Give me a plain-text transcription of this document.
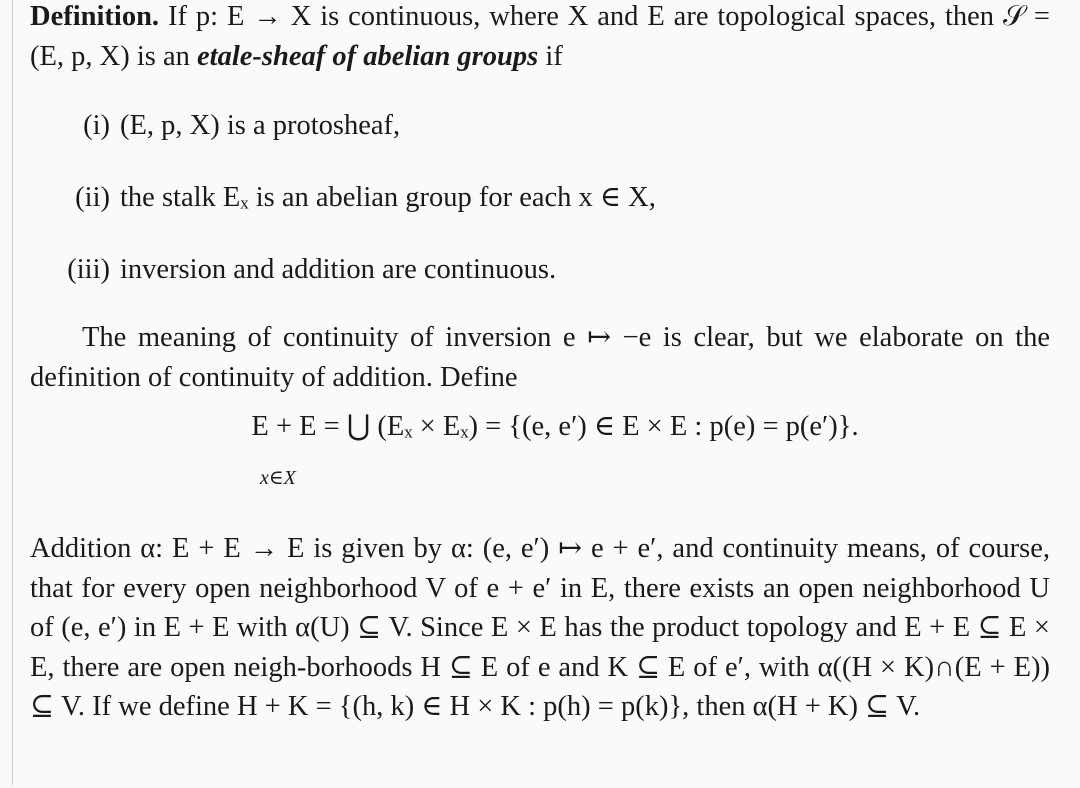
Definition. If p: E → X is continuous, where X and E are topological spaces, then 𝒮 = (E, p, X) is an etale-sheaf of abelian groups if

(i) (E, p, X) is a protosheaf,
(ii) the stalk Eₓ is an abelian group for each x ∈ X,
(iii) inversion and addition are continuous.

The meaning of continuity of inversion e ↦ −e is clear, but we elaborate on the definition of continuity of addition. Define

E + E = ⋃ (Eₓ × Eₓ) = {(e, e′) ∈ E × E : p(e) = p(e′)}.
x∈X

Addition α: E + E → E is given by α: (e, e′) ↦ e + e′, and continuity means, of course, that for every open neighborhood V of e + e′ in E, there exists an open neighborhood U of (e, e′) in E + E with α(U) ⊆ V. Since E × E has the product topology and E + E ⊆ E × E, there are open neigh-borhoods H ⊆ E of e and K ⊆ E of e′, with α((H × K)∩(E + E)) ⊆ V. If we define H + K = {(h, k) ∈ H × K : p(h) = p(k)}, then α(H + K) ⊆ V.
